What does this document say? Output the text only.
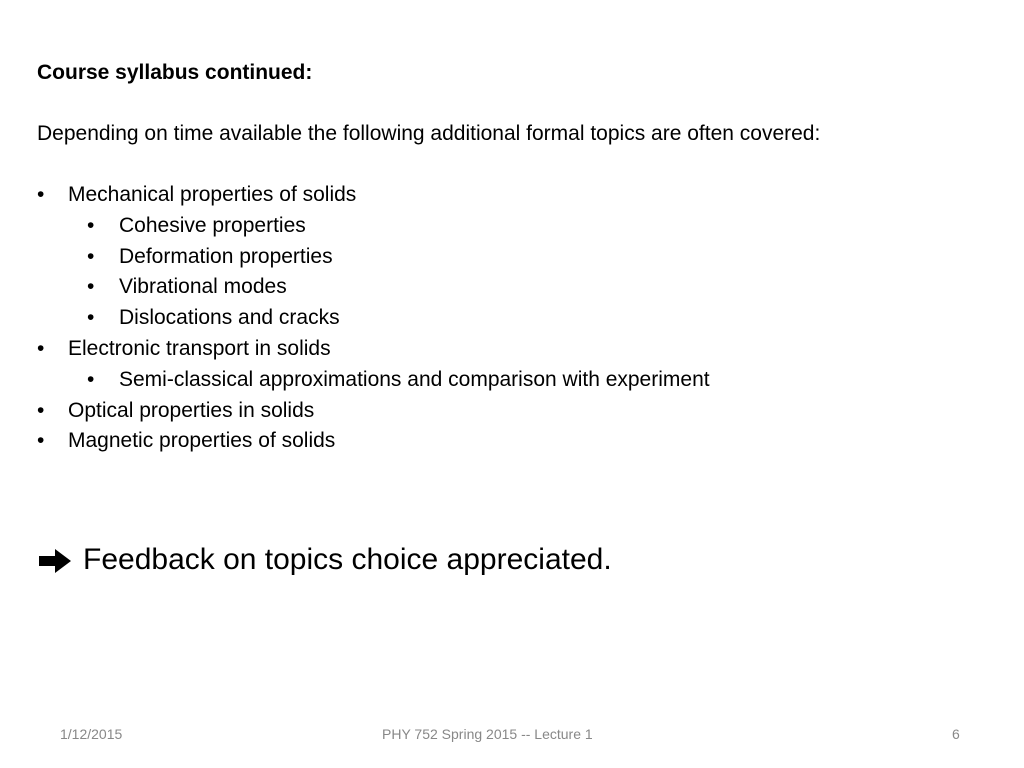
Course syllabus continued:
Depending on time available the following additional formal topics are often covered:
• Mechanical properties of solids
• Cohesive properties
• Deformation properties
• Vibrational modes
• Dislocations and cracks
• Electronic transport in solids
• Semi-classical approximations and comparison with experiment
• Optical properties in solids
• Magnetic properties of solids
Feedback on topics choice appreciated.
1/12/2015	PHY 752 Spring 2015 -- Lecture 1	6
